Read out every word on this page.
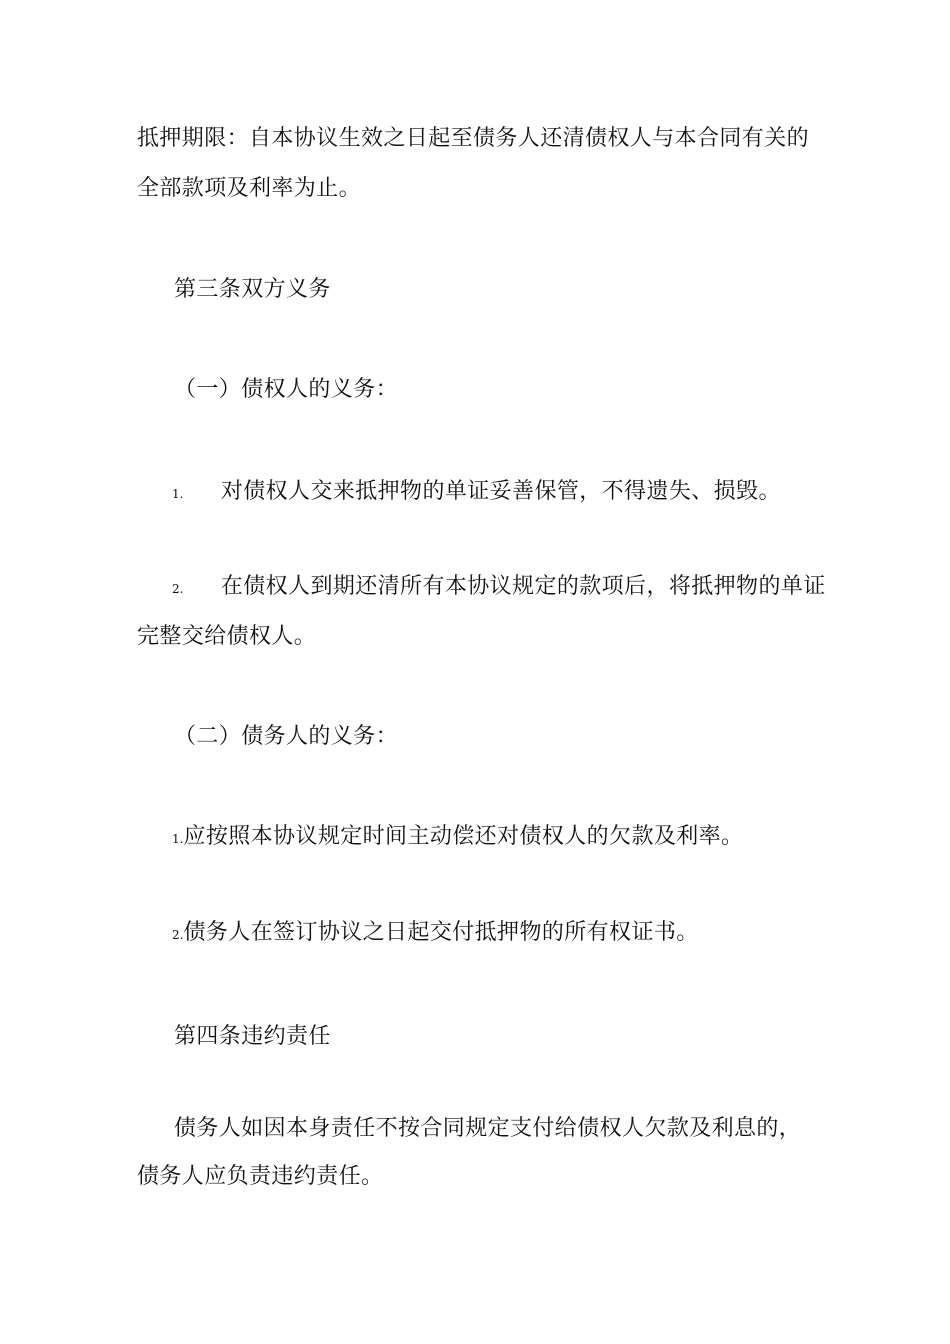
抵押期限：自本协议生效之日起至债务人还清债权人与本合同有关的
全部款项及利率为止。
第三条双方义务
（一）债权人的义务：
1. 对债权人交来抵押物的单证妥善保管，不得遗失、损毁。
2. 在债权人到期还清所有本协议规定的款项后，将抵押物的单证
完整交给债权人。
（二）债务人的义务：
1.应按照本协议规定时间主动偿还对债权人的欠款及利率。
2.债务人在签订协议之日起交付抵押物的所有权证书。
第四条违约责任
债务人如因本身责任不按合同规定支付给债权人欠款及利息的，
债务人应负责违约责任。
